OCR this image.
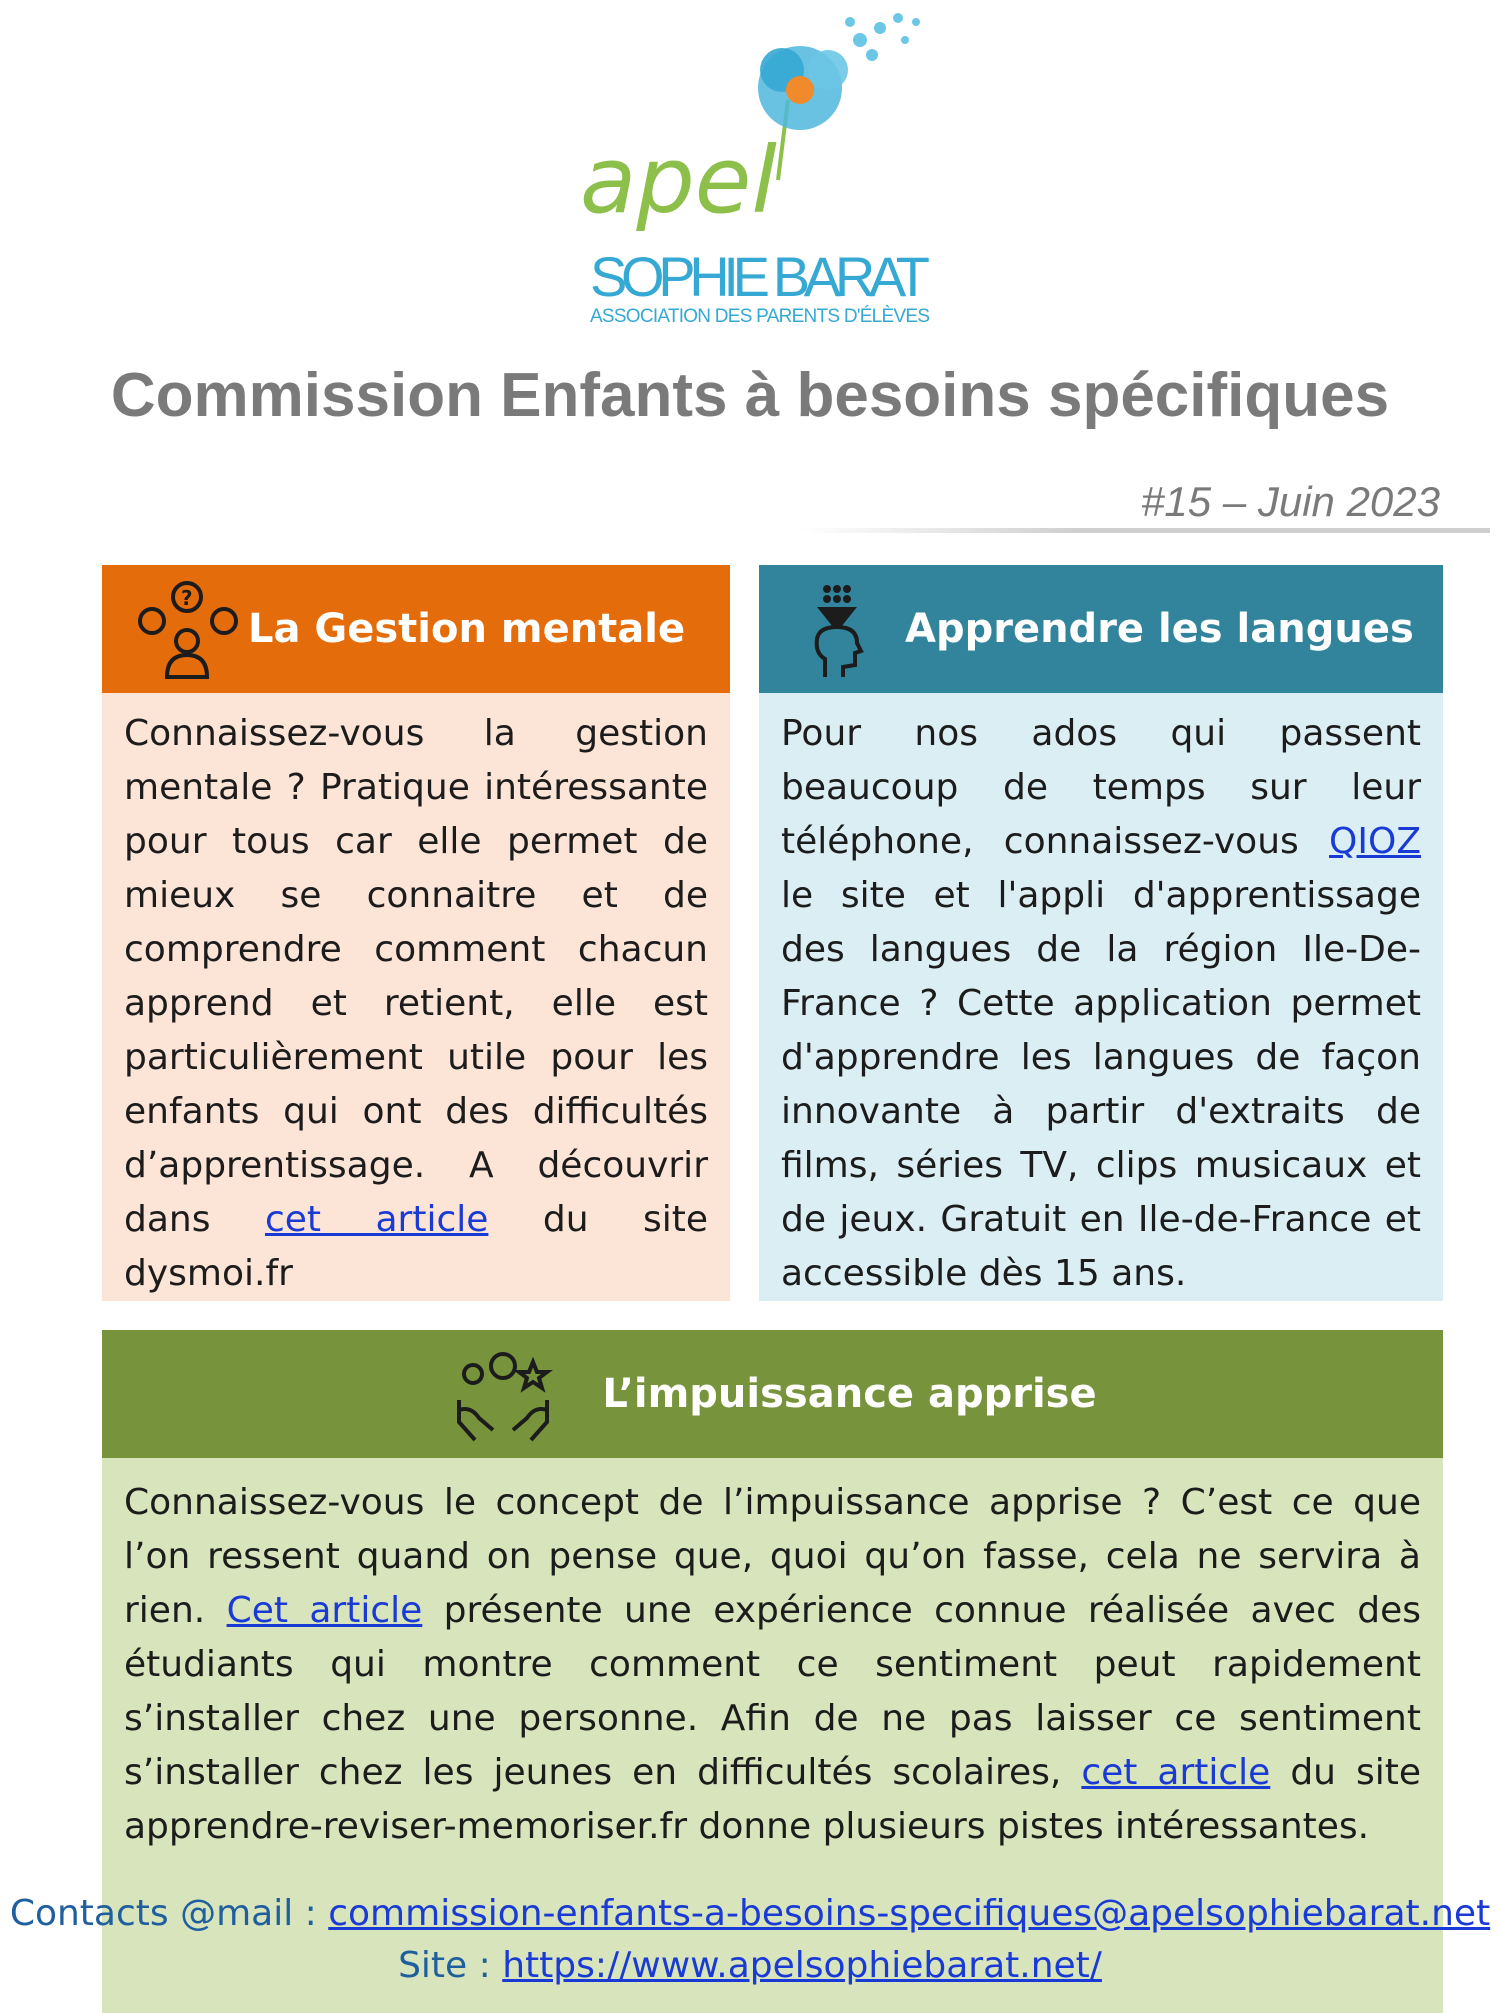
apel
SOPHIE BARAT
ASSOCIATION DES PARENTS D'ÉLÈVES
Commission Enfants à besoins spécifiques
#15 – Juin 2023
?
La Gestion mentale
Connaissez-vous la gestion mentale ? Pratique intéressante pour tous car elle permet de mieux se connaitre et de comprendre comment chacun apprend et retient, elle est particulièrement utile pour les enfants qui ont des difficultés d’apprentissage. A découvrir dans cet article du site dysmoi.fr
Apprendre les langues
Pour nos ados qui passent beaucoup de temps sur leur téléphone, connaissez-vous QIOZ le site et l'appli d'apprentissage des langues de la région Ile-De-France ? Cette application permet d'apprendre les langues de façon innovante à partir d'extraits de films, séries TV, clips musicaux et de jeux. Gratuit en Ile-de-France et accessible dès 15 ans.
L’impuissance apprise
Connaissez-vous le concept de l’impuissance apprise ? C’est ce que l’on ressent quand on pense que, quoi qu’on fasse, cela ne servira à rien. Cet article présente une expérience connue réalisée avec des étudiants qui montre comment ce sentiment peut rapidement s’installer chez une personne. Afin de ne pas laisser ce sentiment s’installer chez les jeunes en difficultés scolaires, cet article du site apprendre-reviser-memoriser.fr donne plusieurs pistes intéressantes.
Contacts @mail : commission-enfants-a-besoins-specifiques@apelsophiebarat.net
Site : https://www.apelsophiebarat.net/
